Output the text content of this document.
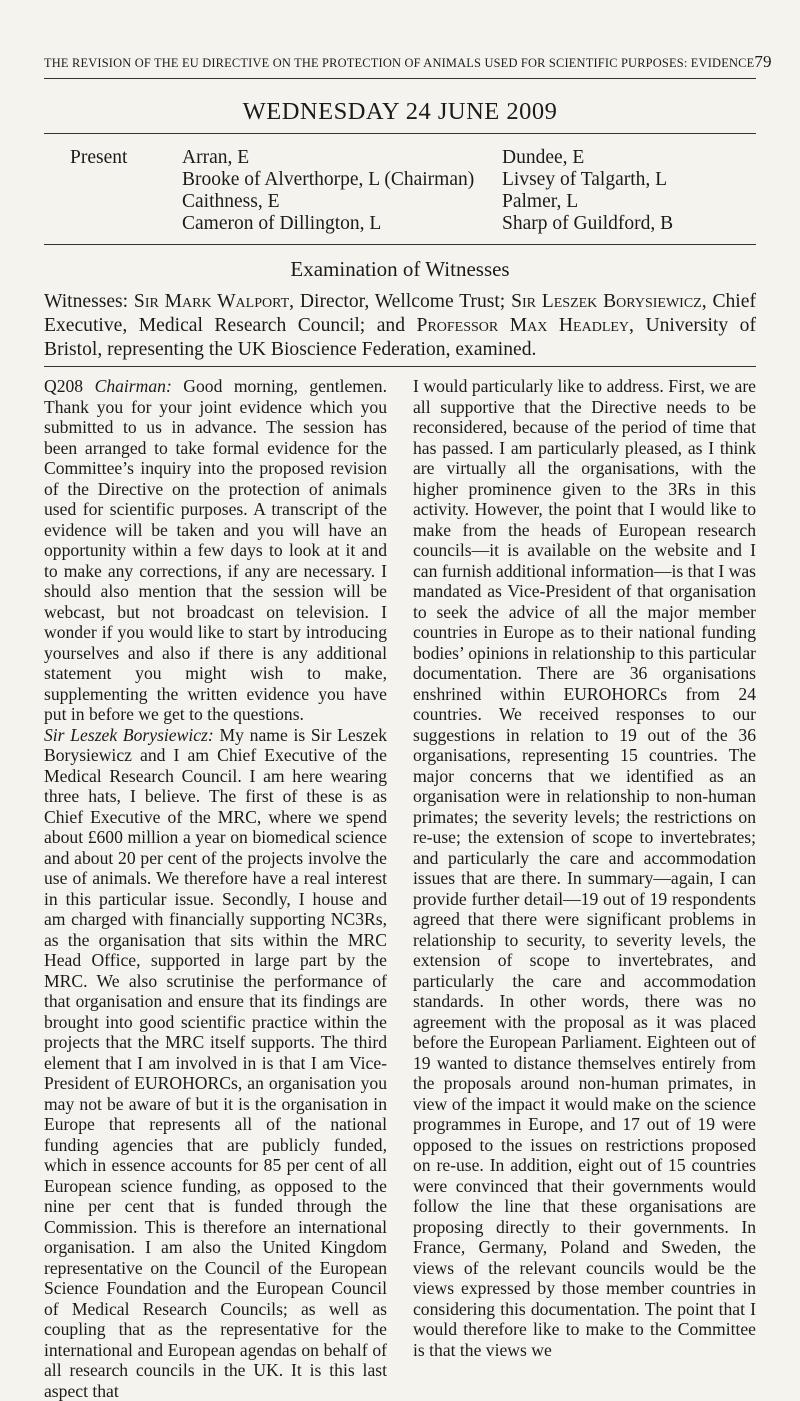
THE REVISION OF THE EU DIRECTIVE ON THE PROTECTION OF ANIMALS USED FOR SCIENTIFIC PURPOSES: EVIDENCE 79
WEDNESDAY 24 JUNE 2009
Present	Arran, E
Brooke of Alverthorpe, L (Chairman)
Caithness, E
Cameron of Dillington, L
Dundee, E
Livsey of Talgarth, L
Palmer, L
Sharp of Guildford, B
Examination of Witnesses
Witnesses: Sir Mark Walport, Director, Wellcome Trust; Sir Leszek Borysiewicz, Chief Executive, Medical Research Council; and Professor Max Headley, University of Bristol, representing the UK Bioscience Federation, examined.

Q208 Chairman: Good morning, gentlemen. Thank you for your joint evidence which you submitted to us in advance. The session has been arranged to take formal evidence for the Committee’s inquiry into the proposed revision of the Directive on the protection of animals used for scientific purposes. A transcript of the evidence will be taken and you will have an opportunity within a few days to look at it and to make any corrections, if any are necessary. I should also mention that the session will be webcast, but not broadcast on television. I wonder if you would like to start by introducing yourselves and also if there is any additional statement you might wish to make, supplementing the written evidence you have put in before we get to the questions.

Sir Leszek Borysiewicz: My name is Sir Leszek Borysiewicz and I am Chief Executive of the Medical Research Council. I am here wearing three hats, I believe. The first of these is as Chief Executive of the MRC, where we spend about £600 million a year on biomedical science and about 20 per cent of the projects involve the use of animals. We therefore have a real interest in this particular issue. Secondly, I house and am charged with financially supporting NC3Rs, as the organisation that sits within the MRC Head Office, supported in large part by the MRC. We also scrutinise the performance of that organisation and ensure that its findings are brought into good scientific practice within the projects that the MRC itself supports. The third element that I am involved in is that I am Vice-President of EUROHORCs, an organisation you may not be aware of but it is the organisation in Europe that represents all of the national funding agencies that are publicly funded, which in essence accounts for 85 per cent of all European science funding, as opposed to the nine per cent that is funded through the Commission. This is therefore an international organisation. I am also the United Kingdom representative on the Council of the European Science Foundation and the European Council of Medical Research Councils; as well as coupling that as the representative for the international and European agendas on behalf of all research councils in the UK. It is this last aspect that

I would particularly like to address. First, we are all supportive that the Directive needs to be reconsidered, because of the period of time that has passed. I am particularly pleased, as I think are virtually all the organisations, with the higher prominence given to the 3Rs in this activity. However, the point that I would like to make from the heads of European research councils—it is available on the website and I can furnish additional information—is that I was mandated as Vice-President of that organisation to seek the advice of all the major member countries in Europe as to their national funding bodies’ opinions in relationship to this particular documentation. There are 36 organisations enshrined within EUROHORCs from 24 countries. We received responses to our suggestions in relation to 19 out of the 36 organisations, representing 15 countries. The major concerns that we identified as an organisation were in relationship to non-human primates; the severity levels; the restrictions on re-use; the extension of scope to invertebrates; and particularly the care and accommodation issues that are there. In summary—again, I can provide further detail—19 out of 19 respondents agreed that there were significant problems in relationship to security, to severity levels, the extension of scope to invertebrates, and particularly the care and accommodation standards. In other words, there was no agreement with the proposal as it was placed before the European Parliament. Eighteen out of 19 wanted to distance themselves entirely from the proposals around non-human primates, in view of the impact it would make on the science programmes in Europe, and 17 out of 19 were opposed to the issues on restrictions proposed on re-use. In addition, eight out of 15 countries were convinced that their governments would follow the line that these organisations are proposing directly to their governments. In France, Germany, Poland and Sweden, the views of the relevant councils would be the views expressed by those member countries in considering this documentation. The point that I would therefore like to make to the Committee is that the views we
